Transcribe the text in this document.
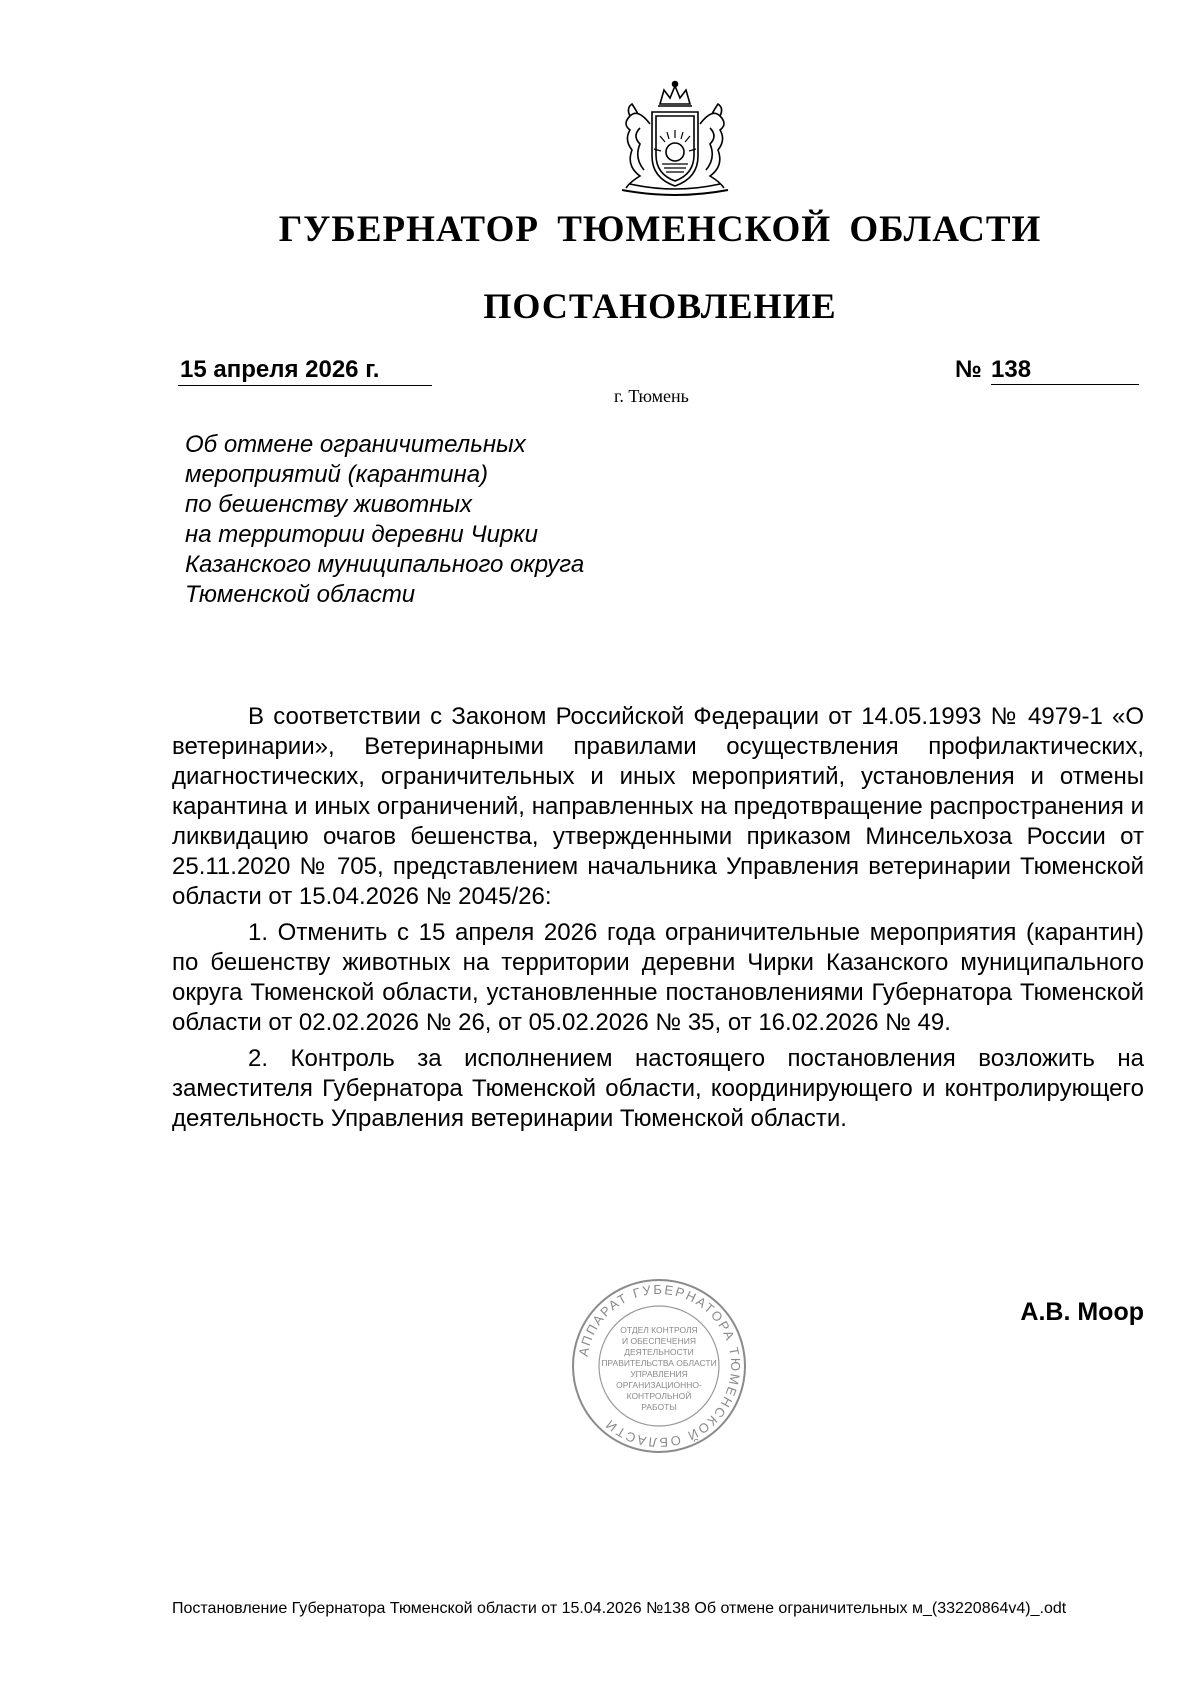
ГУБЕРНАТОР ТЮМЕНСКОЙ ОБЛАСТИ
ПОСТАНОВЛЕНИЕ
15 апреля 2026 г.	№ 138
г. Тюмень
Об отмене ограничительных
мероприятий (карантина)
по бешенству животных
на территории деревни Чирки
Казанского муниципального округа
Тюменской области

В соответствии с Законом Российской Федерации от 14.05.1993 № 4979-1 «О ветеринарии», Ветеринарными правилами осуществления профилактических, диагностических, ограничительных и иных мероприятий, установления и отмены карантина и иных ограничений, направленных на предотвращение распространения и ликвидацию очагов бешенства, утвержденными приказом Минсельхоза России от 25.11.2020 № 705, представлением начальника Управления ветеринарии Тюменской области от 15.04.2026 № 2045/26:

1. Отменить с 15 апреля 2026 года ограничительные мероприятия (карантин) по бешенству животных на территории деревни Чирки Казанского муниципального округа Тюменской области, установленные постановлениями Губернатора Тюменской области от 02.02.2026 № 26, от 05.02.2026 № 35, от 16.02.2026 № 49.

2. Контроль за исполнением настоящего постановления возложить на заместителя Губернатора Тюменской области, координирующего и контролирующего деятельность Управления ветеринарии Тюменской области.

АППАРАТ ГУБЕРНАТОРА ТЮМЕНСКОЙ ОБЛАСТИ
ОТДЕЛ КОНТРОЛЯ
И ОБЕСПЕЧЕНИЯ
ДЕЯТЕЛЬНОСТИ
ПРАВИТЕЛЬСТВА ОБЛАСТИ
УПРАВЛЕНИЯ
ОРГАНИЗАЦИОННО-
КОНТРОЛЬНОЙ
РАБОТЫ
А.В. Моор
Постановление Губернатора Тюменской области от 15.04.2026 №138 Об отмене ограничительных м_(33220864v4)_.odt
